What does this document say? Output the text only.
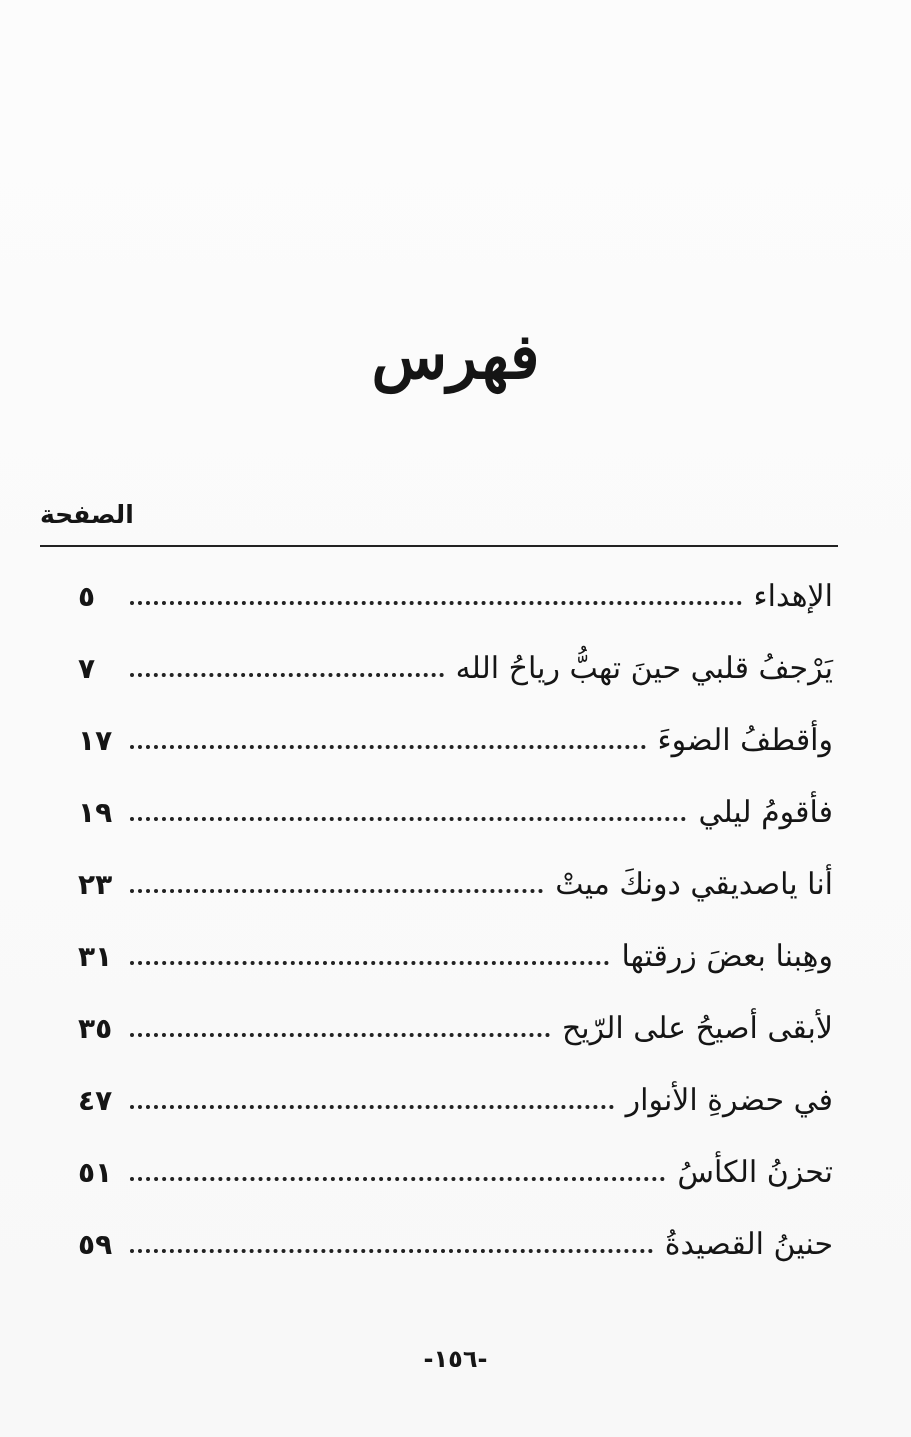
فهرس
الصفحة
٥	الإهداء
٧	يَرْجفُ قلبي حينَ تهبُّ رياحُ الله
١٧	وأقطفُ الضوءَ
١٩	فأقومُ ليلي
٢٣	أنا ياصديقي دونكَ ميتْ
٣١	وهِبنا بعضَ زرقتها
٣٥	لأبقى أصيحُ على الرّيح
٤٧	في حضرةِ الأنوار
٥١	تحزنُ الكأسُ
٥٩	حنينُ القصيدةُ
-١٥٦-
